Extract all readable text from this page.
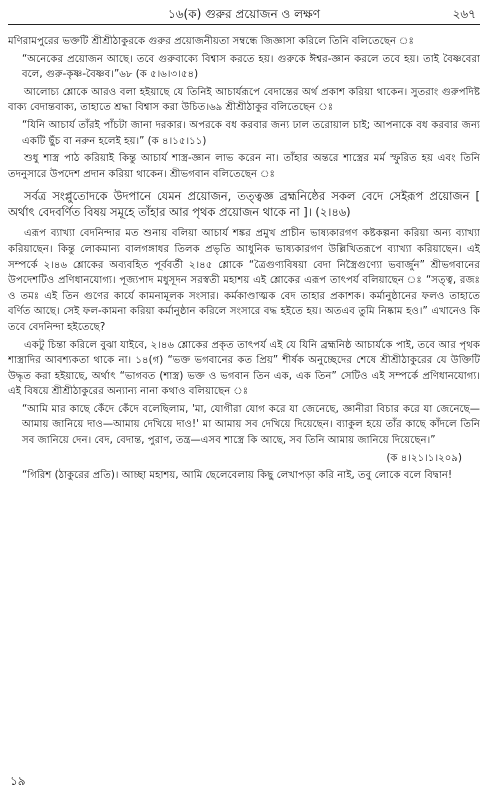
১৬(ক) গুরুর প্রয়োজন ও লক্ষণ	২৬৭

মণিরামপুরের ভক্তটি শ্রীশ্রীঠাকুরকে গুরুর প্রয়োজনীয়তা সম্বন্ধে জিজ্ঞাসা করিলে তিনি বলিতেছেন ঃ

“অনেকের প্রয়োজন আছে। তবে গুরুবাক্যে বিশ্বাস করতে হয়। গুরুকে ঈশ্বর-জ্ঞান করলে তবে হয়। তাই বৈষ্ণবেরা বলে, গুরু-কৃষ্ণ-বৈষ্ণব।”৬৮ (ক ৫।৬।৩।৫৪)

আলোচ্য শ্লোকে আরও বলা হইয়াছে যে তিনিই আচার্যরূপে বেদান্তের অর্থ প্রকাশ করিয়া থাকেন। সুতরাং গুরুপদিষ্ট বাক্য বেদান্তবাক্য, তাহাতে শ্রদ্ধা বিশ্বাস করা উচিত।৬৯ শ্রীশ্রীঠাকুর বলিতেছেন ঃ

“যিনি আচার্য তাঁরই পাঁচটা জানা দরকার। অপরকে বধ করবার জন্য ঢাল তরোয়াল চাই; আপনাকে বধ করবার জন্য একটি ছুঁচ বা নরুন হলেই হয়।” (ক ৪।১৫।১১)

শুধু শাস্ত্র পাঠ করিয়াই কিন্তু আচার্য শাস্ত্র-জ্ঞান লাভ করেন না। তাঁহার অন্তরে শাস্ত্রের মর্ম স্ফুরিত হয় এবং তিনি তদনুসারে উপদেশ প্রদান করিয়া থাকেন। শ্রীভগবান বলিতেছেন ঃ

সর্বত্র সংপ্লুতোদকে উদপানে যেমন প্রয়োজন, তত্ত্বজ্ঞ ব্রহ্মনিষ্ঠের সকল বেদে সেইরূপ প্রয়োজন [ অর্থাৎ বেদবর্ণিত বিষয় সমূহে তাঁহার আর পৃথক প্রয়োজন থাকে না ]। (২।৪৬)

এরূপ ব্যাখ্যা বেদনিন্দার মত শুনায় বলিয়া আচার্য শঙ্কর প্রমুখ প্রাচীন ভাষ্যকারগণ কষ্টকল্পনা করিয়া অন্য ব্যাখ্যা করিয়াছেন। কিন্তু লোকমান্য বালগঙ্গাধর তিলক প্রভৃতি আধুনিক ভাষ্যকারগণ উল্লিখিতরূপে ব্যাখ্যা করিয়াছেন। এই সম্পর্কে ২।৪৬ শ্লোকের অব্যবহিত পূর্ববর্তী ২।৪৫ শ্লোকে “ত্রৈগুণ্যবিষয়া বেদা নিস্ত্রৈগুণ্যো ভবার্জুন” শ্রীভগবানের উপদেশটিও প্রণিধানযোগ্য। পূজ্যপাদ মধুসূদন সরস্বতী মহাশয় এই শ্লোকের এরূপ তাৎপর্য বলিয়াছেন ঃ “সত্ত্ব, রজঃ ও তমঃ এই তিন গুণের কার্যে কামনামূলক সংসার। কর্মকাণ্ডাত্মক বেদ তাহার প্রকাশক। কর্মানুষ্ঠানের ফলও তাহাতে বর্ণিত আছে। সেই ফল-কামনা করিয়া কর্মানুষ্ঠান করিলে সংসারে বদ্ধ হইতে হয়। অতএব তুমি নিষ্কাম হও।” এখানেও কি তবে বেদনিন্দা হইতেছে?

একটু চিন্তা করিলে বুঝা যাইবে, ২।৪৬ শ্লোকের প্রকৃত তাৎপর্য এই যে যিনি ব্রহ্মনিষ্ঠ আচার্যকে পাই, তবে আর পৃথক শাস্ত্রাদির আবশ্যকতা থাকে না। ১৪(গ) “ভক্ত ভগবানের কত প্রিয়” শীর্ষক অনুচ্ছেদের শেষে শ্রীশ্রীঠাকুরের যে উক্তিটি উদ্ধৃত করা হইয়াছে, অর্থাৎ “ভাগবত (শাস্ত্র) ভক্ত ও ভগবান তিন এক, এক তিন” সেটিও এই সম্পর্কে প্রণিধানযোগ্য। এই বিষয়ে শ্রীশ্রীঠাকুরের অন্যান্য নানা কথাও বলিয়াছেন ঃ

“আমি মার কাছে কেঁদে কেঁদে বলেছিলাম, 'মা, যোগীরা যোগ করে যা জেনেছে, জ্ঞানীরা বিচার করে যা জেনেছে—আমায় জানিয়ে দাও—আমায় দেখিয়ে দাও!' মা আমায় সব দেখিয়ে দিয়েছেন। ব্যাকুল হয়ে তাঁর কাছে কাঁদলে তিনি সব জানিয়ে দেন। বেদ, বেদান্ত, পুরাণ, তন্ত্র—এসব শাস্ত্রে কি আছে, সব তিনি আমায় জানিয়ে দিয়েছেন।”

(ক ৪।২১।১।২০৯)

“গিরিশ (ঠাকুরের প্রতি)। আচ্ছা মহাশয়, আমি ছেলেবেলায় কিছু লেখাপড়া করি নাই, তবু লোকে বলে বিদ্বান!

১৯
